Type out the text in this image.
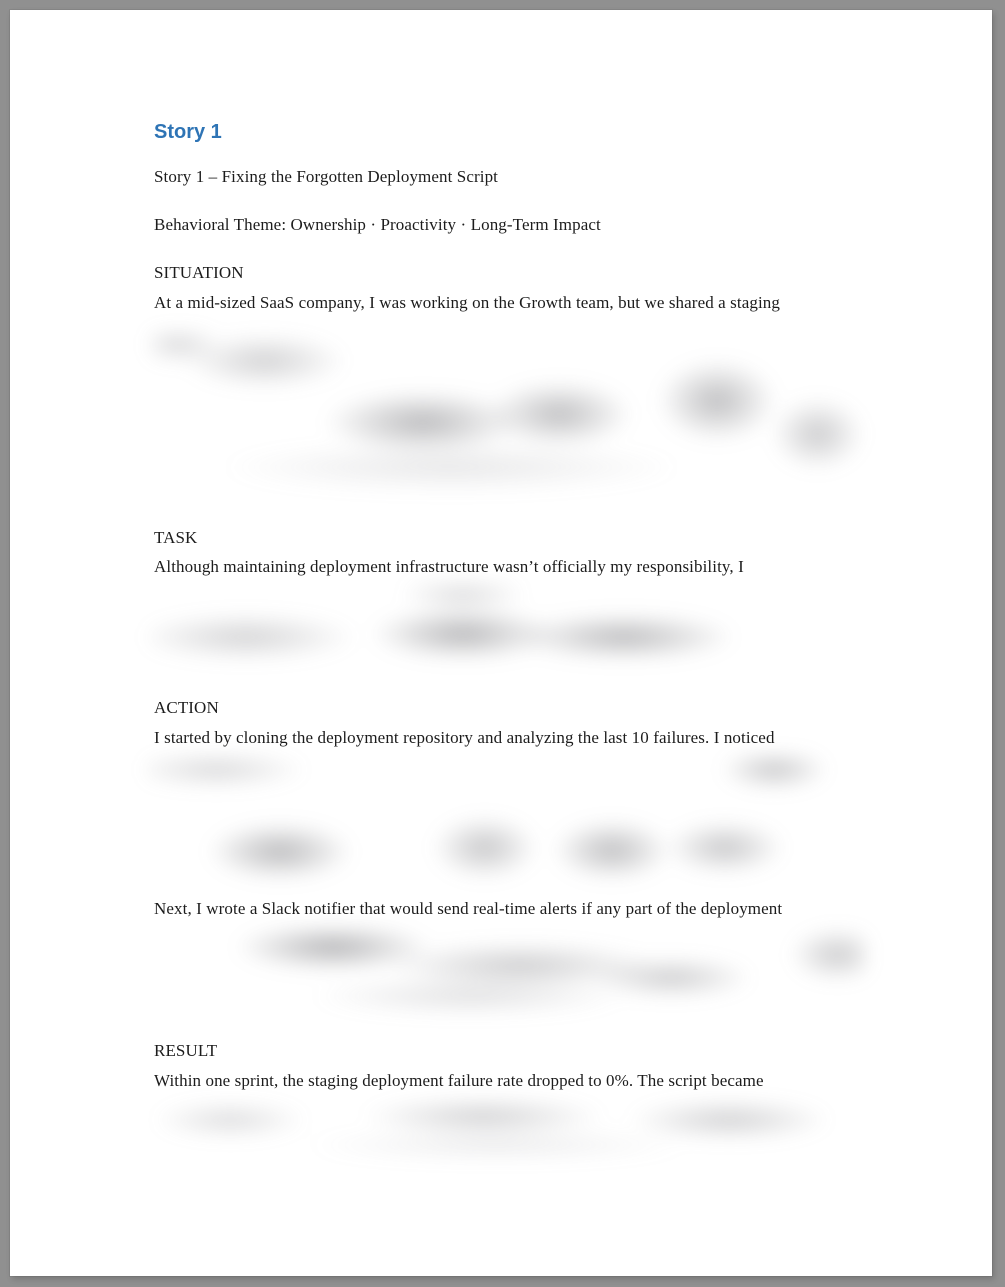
Story 1
Story 1 – Fixing the Forgotten Deployment Script
Behavioral Theme: Ownership · Proactivity · Long-Term Impact
SITUATION
At a mid-sized SaaS company, I was working on the Growth team, but we shared a staging
TASK
Although maintaining deployment infrastructure wasn’t officially my responsibility, I
ACTION
I started by cloning the deployment repository and analyzing the last 10 failures. I noticed
Next, I wrote a Slack notifier that would send real-time alerts if any part of the deployment
RESULT
Within one sprint, the staging deployment failure rate dropped to 0%. The script became
